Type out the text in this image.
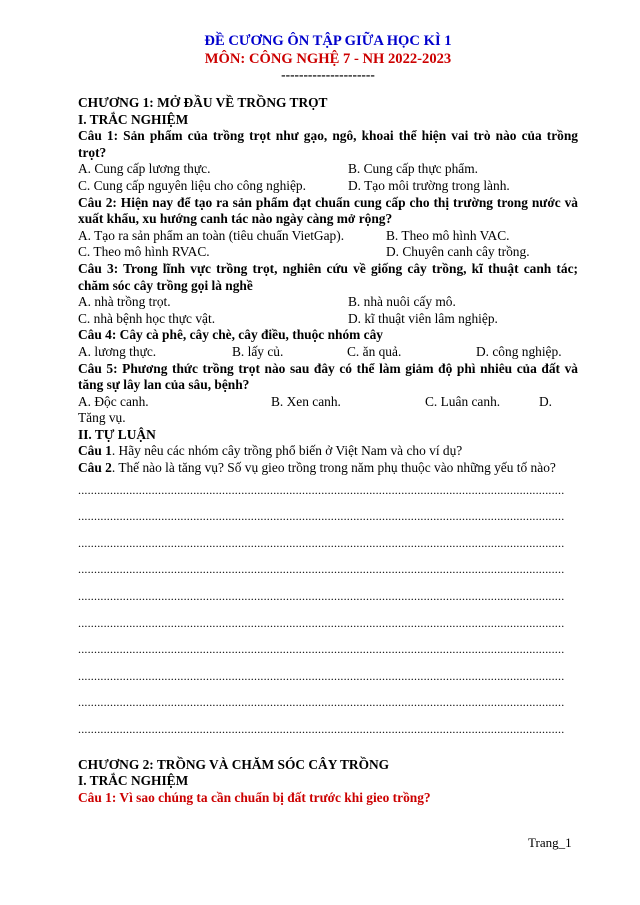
ĐỀ CƯƠNG ÔN TẬP GIỮA HỌC KÌ 1
MÔN: CÔNG NGHỆ 7 - NH 2022-2023
---------------------
CHƯƠNG 1: MỞ ĐẦU VỀ TRỒNG TRỌT
I. TRẮC NGHIỆM
Câu 1: Sản phẩm của trồng trọt như gạo, ngô, khoai thể hiện vai trò nào của trồng trọt?
A. Cung cấp lương thực.	B. Cung cấp thực phẩm.
C. Cung cấp nguyên liệu cho công nghiệp.	D. Tạo môi trường trong lành.
Câu 2: Hiện nay để tạo ra sản phẩm đạt chuẩn cung cấp cho thị trường trong nước và xuất khẩu, xu hướng canh tác nào ngày càng mở rộng?
A. Tạo ra sản phẩm an toàn (tiêu chuẩn VietGap).	B. Theo mô hình VAC.
C. Theo mô hình RVAC.	D. Chuyên canh cây trồng.
Câu 3: Trong lĩnh vực trồng trọt, nghiên cứu về giống cây trồng, kĩ thuật canh tác; chăm sóc cây trồng gọi là nghề
A. nhà trồng trọt.	B. nhà nuôi cấy mô.
C. nhà bệnh học thực vật.	D. kĩ thuật viên lâm nghiệp.
Câu 4: Cây cà phê, cây chè, cây điều, thuộc nhóm cây
A. lương thực.	B. lấy củ.	C. ăn quả.	D. công nghiệp.
Câu 5: Phương thức trồng trọt nào sau đây có thể làm giảm độ phì nhiêu của đất và tăng sự lây lan của sâu, bệnh?
A. Độc canh.	B. Xen canh.	C. Luân canh.	D.
Tăng vụ.
II. TỰ LUẬN
Câu 1. Hãy nêu các nhóm cây trồng phổ biến ở Việt Nam và cho ví dụ?
Câu 2. Thế nào là tăng vụ? Số vụ gieo trồng trong năm phụ thuộc vào những yếu tố nào?
........................................................................................................................................................
........................................................................................................................................................
........................................................................................................................................................
........................................................................................................................................................
........................................................................................................................................................
........................................................................................................................................................
........................................................................................................................................................
........................................................................................................................................................
........................................................................................................................................................
........................................................................................................................................................
CHƯƠNG 2: TRỒNG VÀ CHĂM SÓC CÂY TRỒNG
I. TRẮC NGHIỆM
Câu 1: Vì sao chúng ta cần chuẩn bị đất trước khi gieo trồng?
Trang_1
